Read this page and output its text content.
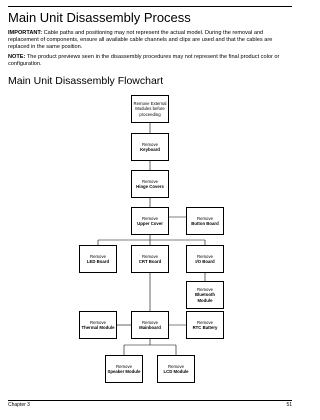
Main Unit Disassembly Process
IMPORTANT: Cable paths and positioning may not represent the actual model. During the removal and replacement of components, ensure all available cable channels and clips are used and that the cables are replaced in the same position.
NOTE: The product previews seen in the disassembly procedures may not represent the final product color or configuration.
Main Unit Disassembly Flowchart
Remove External Modules before proceeding
Remove
Keyboard
Remove
Hinge Covers
Remove
Upper Cover
Remove
Button Board
Remove
LED Board
Remove
CRT Board
Remove
I/O Board
Remove
Bluetooth Module
Remove
Thermal Module
Remove
Mainboard
Remove
RTC Battery
Remove
Speaker Module
Remove
LCD Module
Chapter 3	51
